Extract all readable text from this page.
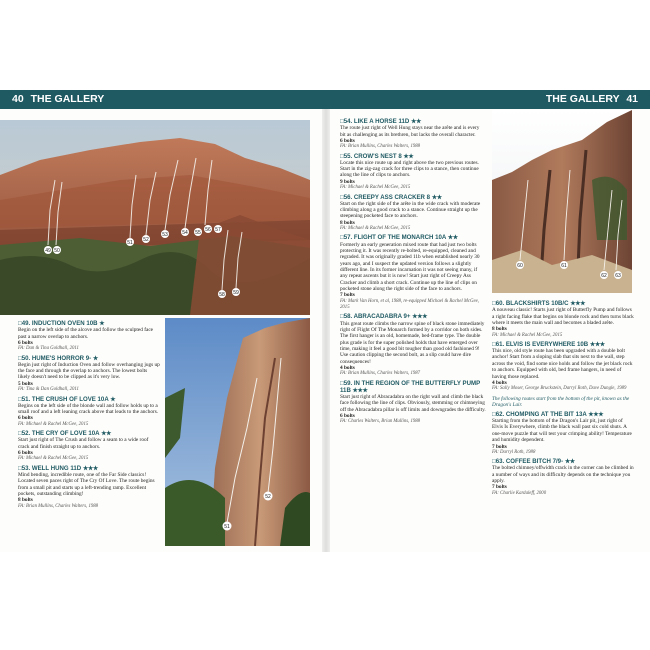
40 THE GALLERY	THE GALLERY 41
49 50
51 52
53	54 55 56 57
58 59
51
52
60	61
62 63
□49. INDUCTION OVEN 10B ★
Begin on the left side of the alcove and follow the sculpted face past a narrow overlap to anchors.
6 bolts
FA: Dan & Tina Goldhall, 2011
□50. HUME'S HORROR 9- ★
Begin just right of Induction Oven and follow overhanging jugs up the face and through the overlap to anchors. The lowest bolts likely doesn't need to be clipped as it's very low.
5 bolts
FA: Tina & Dan Goldhall, 2011
□51. THE CRUSH OF LOVE 10A ★
Begins on the left side of the blonde wall and follow holds up to a small roof and a left leaning crack above that leads to the anchors.
6 bolts
FA: Michael & Rachel McGee, 2015
□52. THE CRY OF LOVE 10A ★★
Start just right of The Crush and follow a seam to a wide roof crack and finish straight up to anchors.
6 bolts
FA: Michael & Rachel McGee, 2015
□53. WELL HUNG 11D ★★★
Mind bending, incredible route, one of the Far Side classics! Located seven paces right of The Cry Of Love. The route begins from a small pit and starts up a left-trending ramp. Excellent pockets, outstanding climbing!
8 bolts
FA: Brian Mullins, Charles Walters, 1988
□54. LIKE A HORSE 11D ★★
The route just right of Well Hung stays near the arête and is every bit as challenging as its brethren, but lacks the overall character.
6 bolts
FA: Brian Mullins, Charles Walters, 1988
□55. CROW'S NEST 8 ★★
Locate this nice route up and right above the two previous routes. Start in the zig-zag crack for three clips to a stance, then continue along the line of clips to anchors.
9 bolts
FA: Michael & Rachel McGee, 2015
□56. CREEPY ASS CRACKER 8 ★★
Start on the right side of the arête in the wide crack with moderate climbing along a good crack to a stance. Continue straight up the steepening pocketed face to anchors.
8 bolts
FA: Michael & Rachel McGee, 2015
□57. FLIGHT OF THE MONARCH 10A ★★
Formerly an early generation mixed route that had just two bolts protecting it. It was recently re-bolted, re-equipped, cleaned and regraded. It was originally graded 11b when established nearly 30 years ago, and I suspect the updated version follows a slightly different line. In its former incarnation it was not seeing many, if any repeat ascents but it is now! Start just right of Creepy Ass Cracker and climb a short crack. Continue up the line of clips on pocketed stone along the right side of the face to anchors.
7 bolts
FA: Mark Van Horn, et al, 1988, re-equipped Michael & Rachel McGee, 2015
□58. ABRACADABRA 9+ ★★★
This great route climbs the narrow spine of black stone immediately right of Flight Of The Monarch formed by a corridor on both sides. The first hanger is an old, homemade, bed-frame type. The double plus grade is for the super polished holds that have emerged over time, making it feel a good bit tougher than good old fashioned 9! Use caution clipping the second bolt, as a slip could have dire consequences!
4 bolts
FA: Brian Mullins, Charles Walters, 1987
□59. IN THE REGION OF THE BUTTERFLY PUMP 11B ★★★
Start just right of Abracadabra on the right wall and climb the black face following the line of clips. Obviously, stemming or chimneying off the Abracadabra pillar is off limits and downgrades the difficulty.
6 bolts
FA: Charles Walters, Brian Mullins, 1988
□60. BLACKSHIRTS 10B/C ★★★
A nouveau classic! Starts just right of Butterfly Pump and follows a right facing flake that begins on blonde rock and then turns black where it meets the main wall and becomes a bladed arête.
8 bolts
FA: Michael & Rachel McGee, 2015
□61. ELVIS IS EVERYWHERE 10B ★★★
This nice, old style route has been upgraded with a double bolt anchor! Start from a sloping slab that sits next to the wall, step across the void, find some nice holds and follow the jet black rock to anchors. Equipped with old, bed frame hangers, in need of having those replaced.
4 bolts
FA: Sally Moser, George Bruckstein, Darryl Roth, Dave Dungle, 1989
The following routes start from the bottom of the pit, known as the Dragon's Lair.
□62. CHOMPING AT THE BIT 13A ★★★
Starting from the bottom of the Dragon's Lair pit, just right of Elvis Is Everywhere, climb the black wall past six cold shuts. A one-move puzzle that will test your crimping ability! Temperature and humidity dependent.
7 bolts
FA: Darryl Roth, 1988
□63. COFFEE BITCH 7/9- ★★
The bolted chimney/offwidth crack in the corner can be climbed in a number of ways and its difficulty depends on the technique you apply.
7 bolts
FA: Charlie Kardaleff, 2000
